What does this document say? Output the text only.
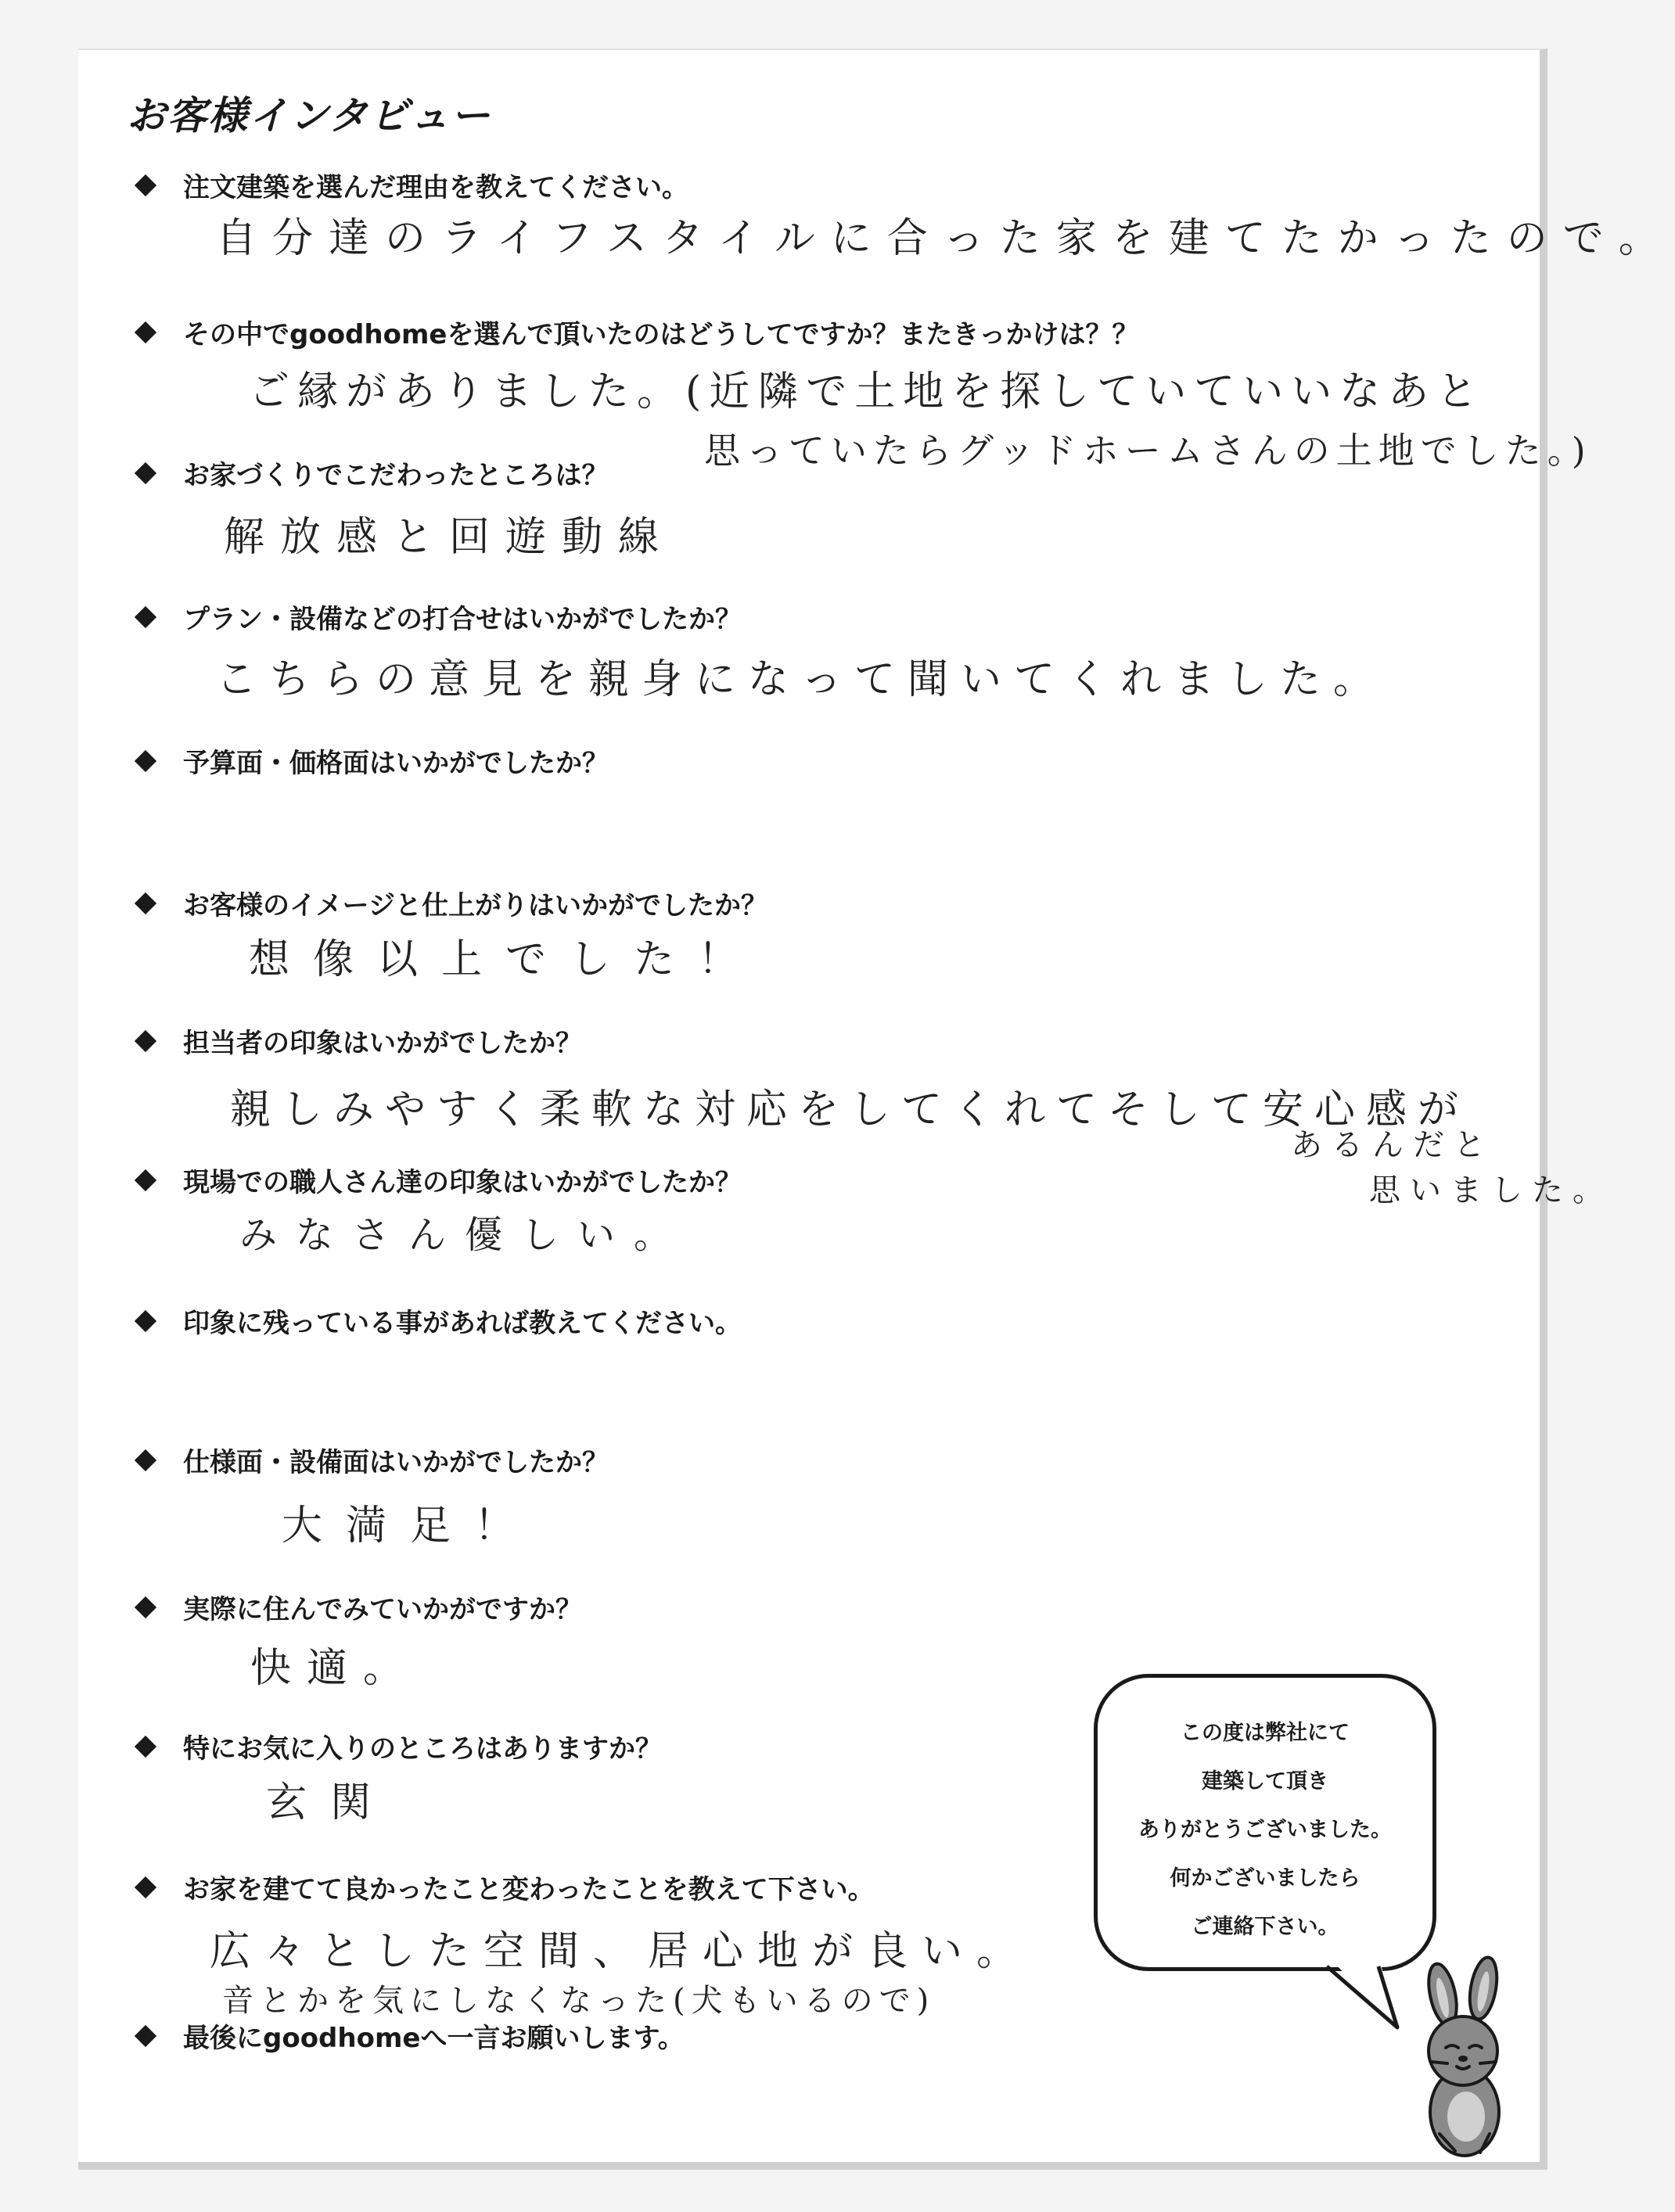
お客様インタビュー
注文建築を選んだ理由を教えてください。
自分達のライフスタイルに合った家を建てたかったので。
その中でgoodhomeを選んで頂いたのはどうしてですか？またきっかけは？？
ご縁がありました。(近隣で土地を探していていいなあと
思っていたらグッドホームさんの土地でした。)
お家づくりでこだわったところは？
解放感と回遊動線
プラン・設備などの打合せはいかがでしたか？
こちらの意見を親身になって聞いてくれました。
予算面・価格面はいかがでしたか？
お客様のイメージと仕上がりはいかがでしたか？
想像以上でした！
担当者の印象はいかがでしたか？
親しみやすく柔軟な対応をしてくれてそして安心感が
あるんだと
思いました。
現場での職人さん達の印象はいかがでしたか？
みなさん優しい。
印象に残っている事があれば教えてください。
仕様面・設備面はいかがでしたか？
大満足！
実際に住んでみていかがですか？
快適。
特にお気に入りのところはありますか？
玄関
お家を建てて良かったこと変わったことを教えて下さい。
広々とした空間、居心地が良い。
音とかを気にしなくなった(犬もいるので)
最後にgoodhomeへ一言お願いします。
この度は弊社にて
建築して頂き
ありがとうございました。
何かございましたら
ご連絡下さい。
